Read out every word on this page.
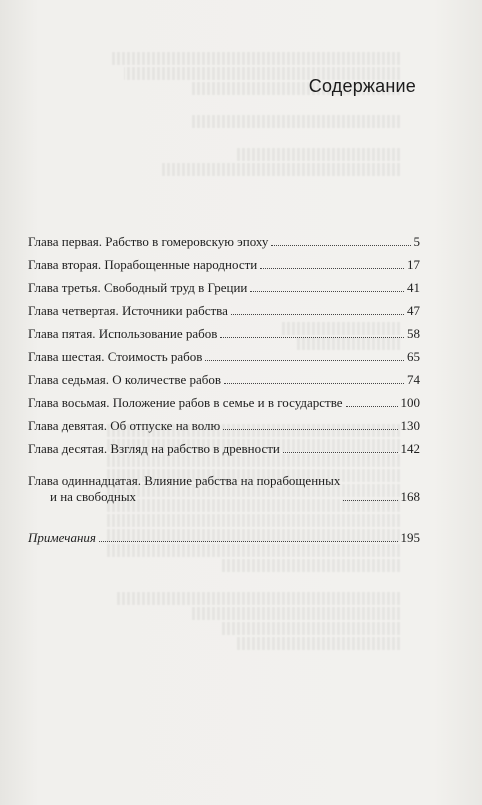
Содержание
Глава первая. Рабство в гомеровскую эпоху	5
Глава вторая. Порабощенные народности	17
Глава третья. Свободный труд в Греции	41
Глава четвертая. Источники рабства	47
Глава пятая. Использование рабов	58
Глава шестая. Стоимость рабов	65
Глава седьмая. О количестве рабов	74
Глава восьмая. Положение рабов в семье и в государстве	100
Глава девятая. Об отпуске на волю	130
Глава десятая. Взгляд на рабство в древности	142
Глава одиннадцатая. Влияние рабства на порабощенных
и на свободных	168
Примечания	195
